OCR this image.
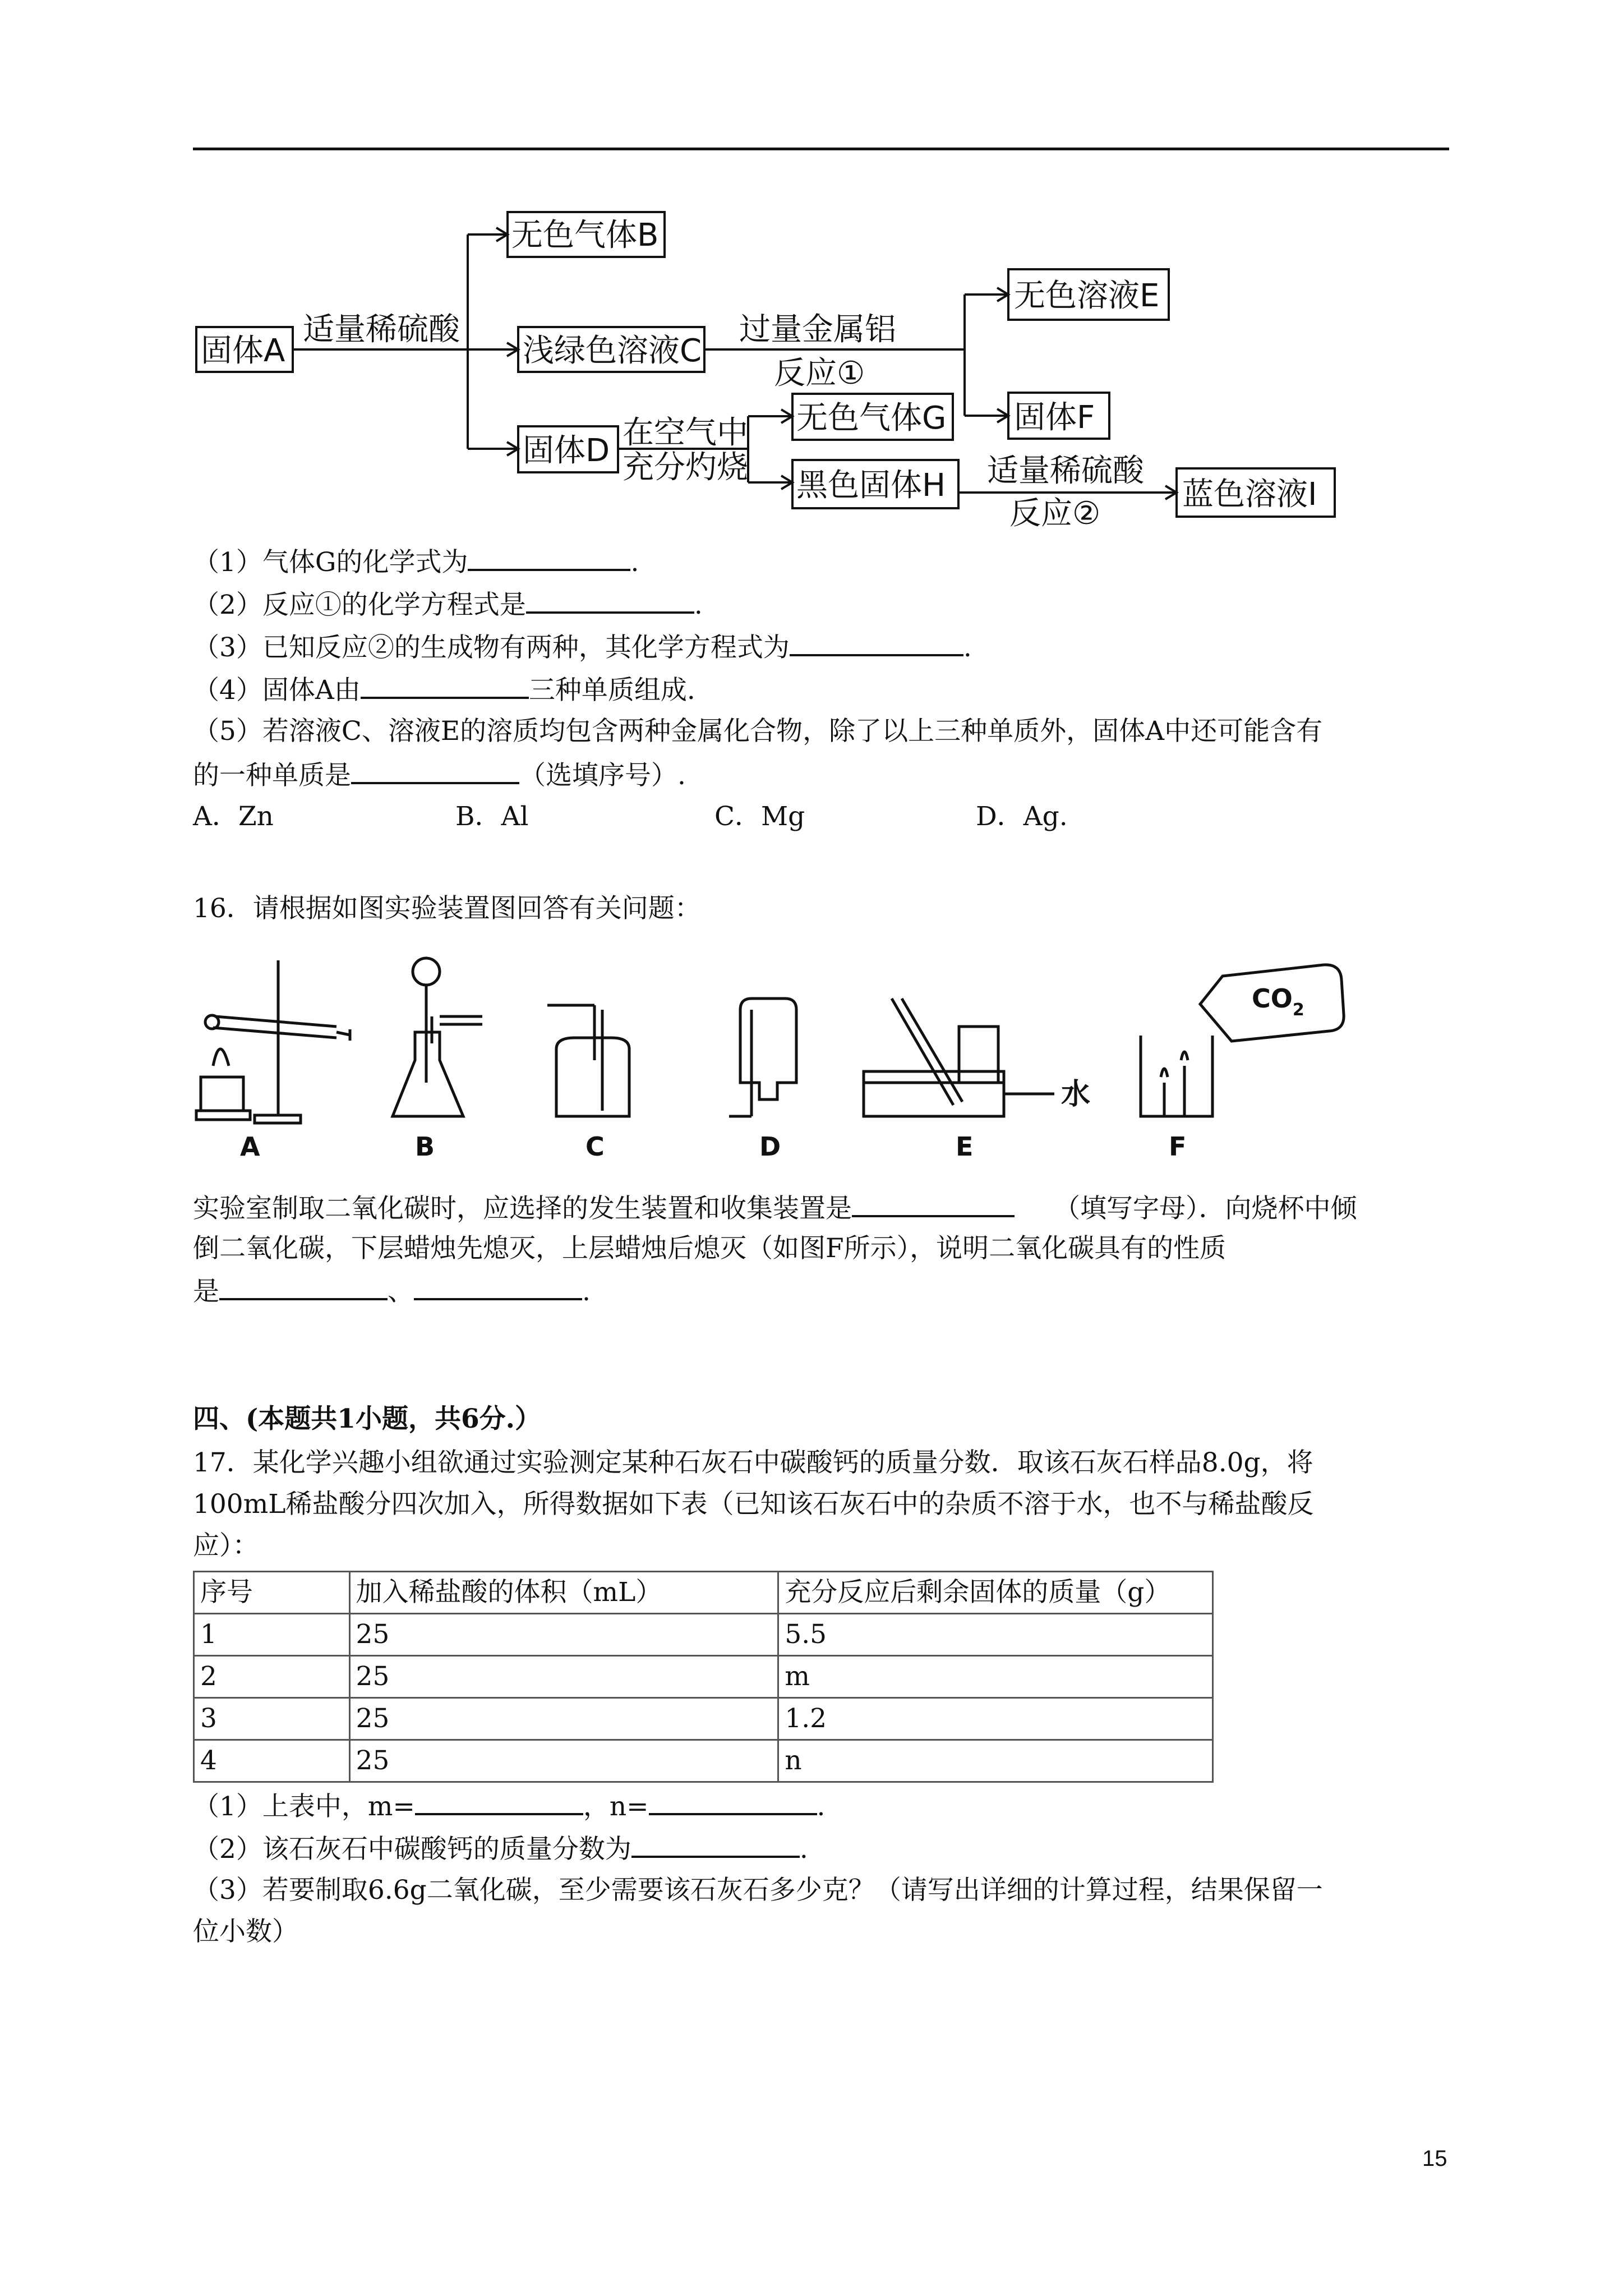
固体A
适量稀硫酸
无色气体B
浅绿色溶液C
固体D
过量金属铝
反应①
无色溶液E
固体F
在空气中
充分灼烧
无色气体G
黑色固体H 适量稀硫酸
反应②
蓝色溶液I
（1）气体G的化学式为	.
（2）反应①的化学方程式是	.
（3）已知反应②的生成物有两种，其化学方程式为	.
（4）固体A由	三种单质组成.
（5）若溶液C、溶液E的溶质均包含两种金属化合物，除了以上三种单质外，固体A中还可能含有
的一种单质是	（选填序号）.
A．Zn	B．Al	C．Mg	D．Ag.
16．请根据如图实验装置图回答有关问题：
水
$CO_2$
A	B	C	D	E	F
实验室制取二氧化碳时，应选择的发生装置和收集装置是	（填写字母）．向烧杯中倾
倒二氧化碳，下层蜡烛先熄灭，上层蜡烛后熄灭（如图F所示），说明二氧化碳具有的性质
是	、	.
四、(本题共1小题，共6分.）
17．某化学兴趣小组欲通过实验测定某种石灰石中碳酸钙的质量分数．取该石灰石样品8.0g，将
100mL稀盐酸分四次加入，所得数据如下表（已知该石灰石中的杂质不溶于水，也不与稀盐酸反
应）：
序号	加入稀盐酸的体积（mL）	充分反应后剩余固体的质量（g）
1	25	5.5
2	25	m
3	25	1.2
4	25	n
（1）上表中，m=	，n=	.
（2）该石灰石中碳酸钙的质量分数为	.
（3）若要制取6.6g二氧化碳，至少需要该石灰石多少克？（请写出详细的计算过程，结果保留一
位小数）
15
